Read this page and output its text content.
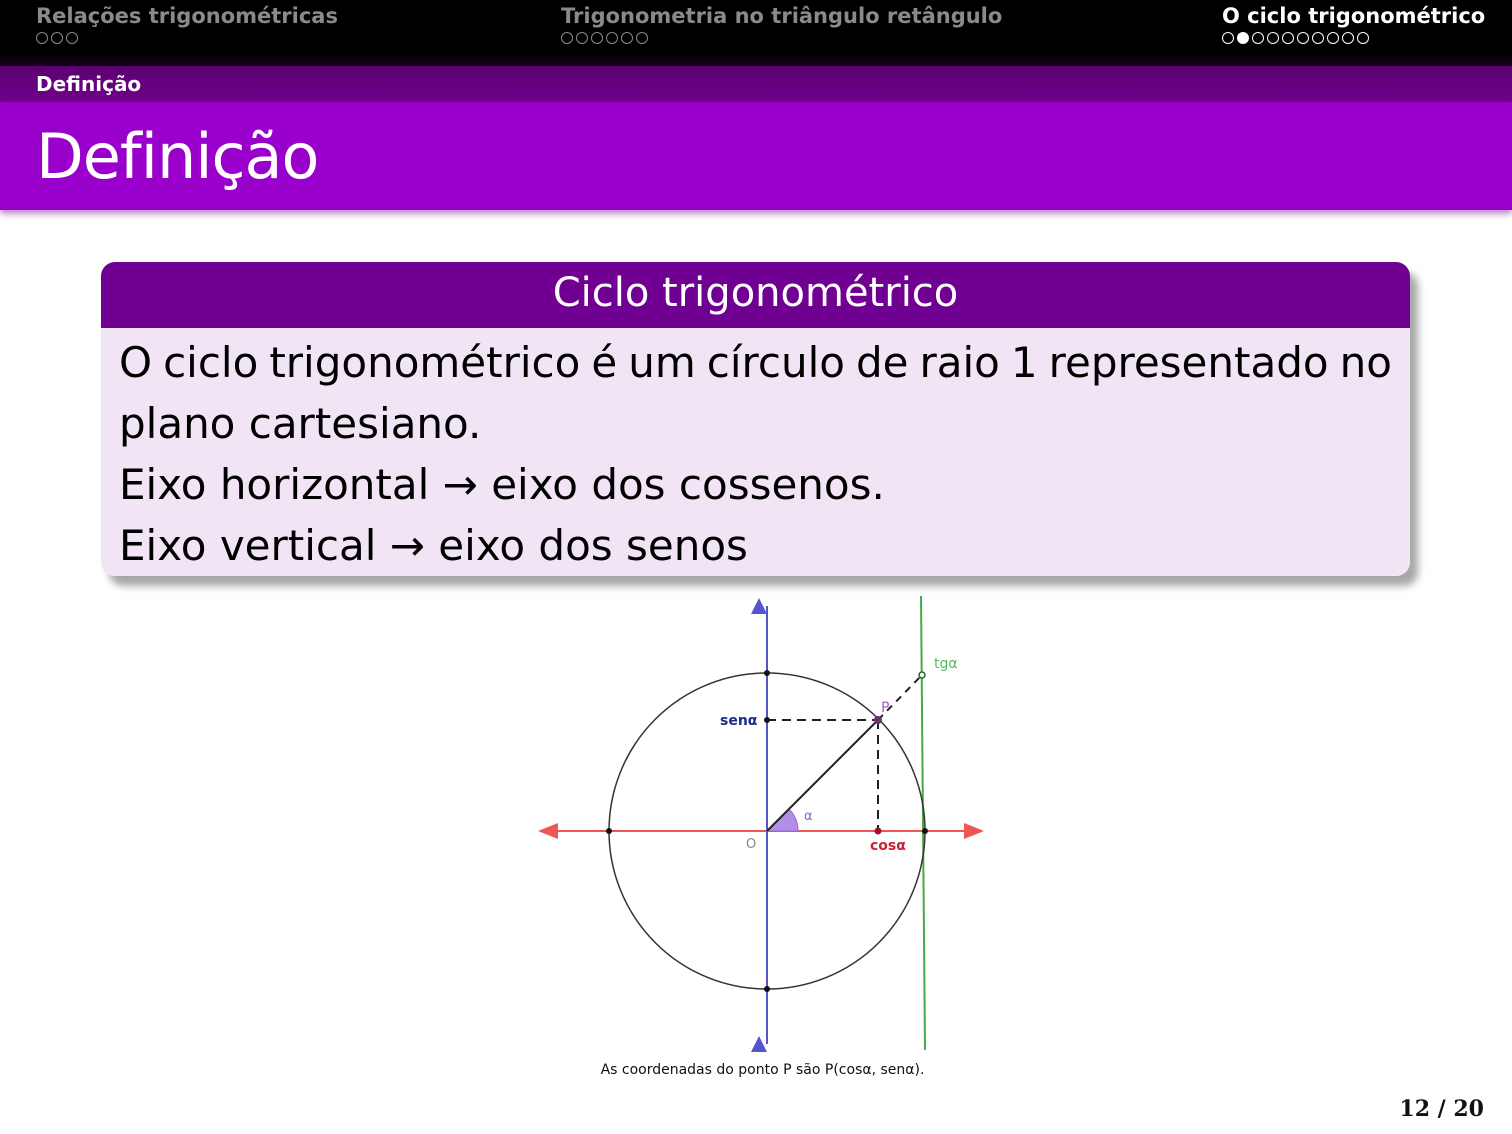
Relações trigonométricas	Trigonometria no triângulo retângulo	O ciclo trigonométrico
Definição
Definição
Ciclo trigonométrico

O ciclo trigonométrico é um círculo de raio 1 representado no

plano cartesiano.

Eixo horizontal → eixo dos cossenos.

Eixo vertical → eixo dos senos

senα
cosα
tgα
P
O
α
As coordenadas do ponto P são P(cosα, senα).
12 / 20
